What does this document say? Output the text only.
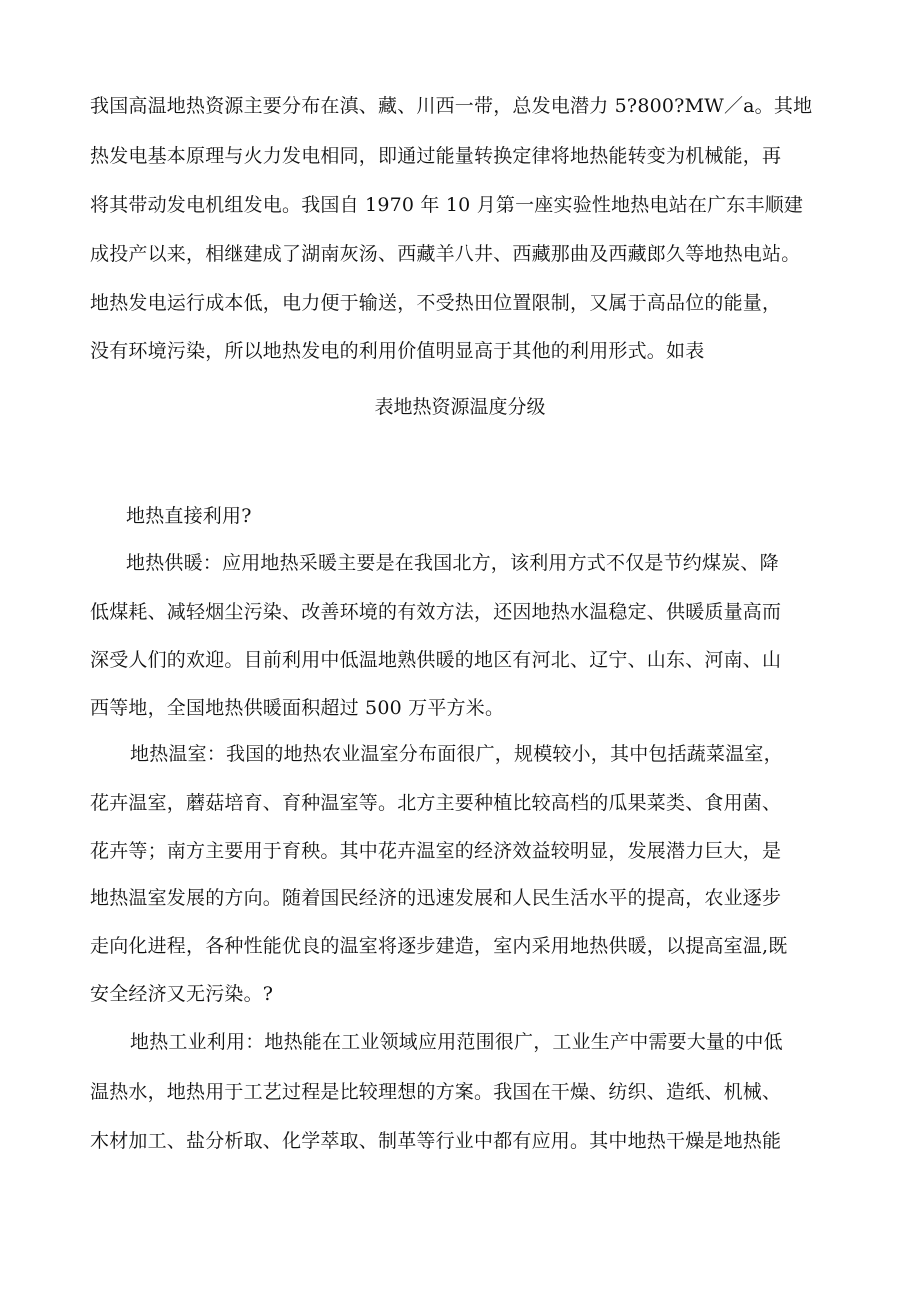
我国高温地热资源主要分布在滇、藏、川西一带，总发电潜力 5?800?MW／a。其地
热发电基本原理与火力发电相同，即通过能量转换定律将地热能转变为机械能，再
将其带动发电机组发电。我国自 1970 年 10 月第一座实验性地热电站在广东丰顺建
成投产以来，相继建成了湖南灰汤、西藏羊八井、西藏那曲及西藏郎久等地热电站。
地热发电运行成本低，电力便于输送，不受热田位置限制，又属于高品位的能量，
没有环境污染，所以地热发电的利用价值明显高于其他的利用形式。如表
表地热资源温度分级
地热直接利用?
地热供暖：应用地热采暖主要是在我国北方，该利用方式不仅是节约煤炭、降
低煤耗、减轻烟尘污染、改善环境的有效方法，还因地热水温稳定、供暖质量高而
深受人们的欢迎。目前利用中低温地熟供暖的地区有河北、辽宁、山东、河南、山
西等地，全国地热供暖面积超过 500 万平方米。
地热温室：我国的地热农业温室分布面很广，规模较小，其中包括蔬菜温室，
花卉温室，蘑菇培育、育种温室等。北方主要种植比较高档的瓜果菜类、食用菌、
花卉等；南方主要用于育秧。其中花卉温室的经济效益较明显，发展潜力巨大，是
地热温室发展的方向。随着国民经济的迅速发展和人民生活水平的提高，农业逐步
走向化进程，各种性能优良的温室将逐步建造，室内采用地热供暖，以提高室温,既
安全经济又无污染。?
地热工业利用：地热能在工业领域应用范围很广，工业生产中需要大量的中低
温热水，地热用于工艺过程是比较理想的方案。我国在干燥、纺织、造纸、机械、
木材加工、盐分析取、化学萃取、制革等行业中都有应用。其中地热干燥是地热能
